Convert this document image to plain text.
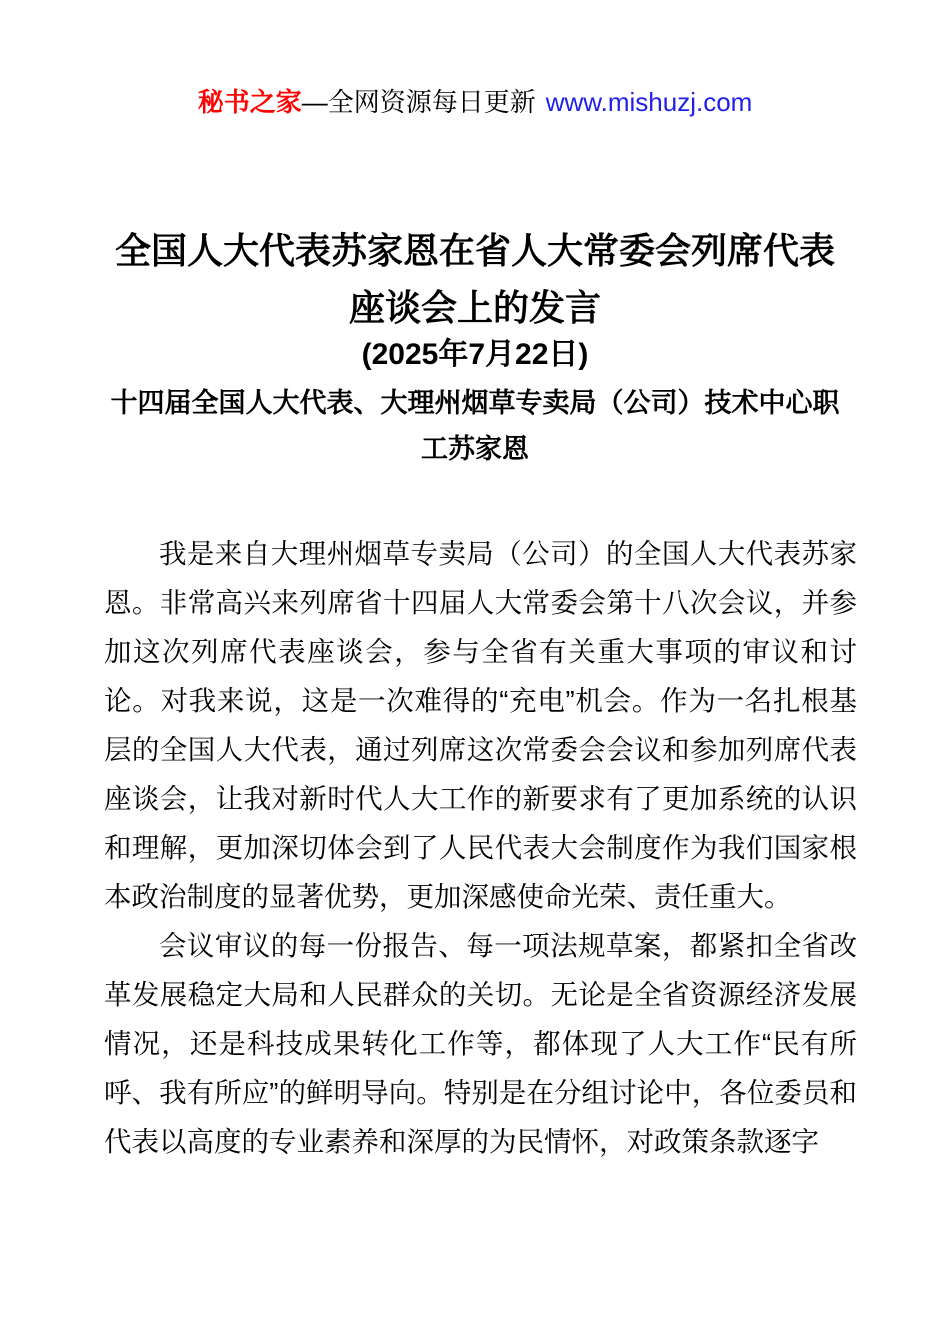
秘书之家—全网资源每日更新 www.mishuzj.com
全国人大代表苏家恩在省人大常委会列席代表座谈会上的发言
(2025年7月22日)
十四届全国人大代表、大理州烟草专卖局（公司）技术中心职工苏家恩

我是来自大理州烟草专卖局（公司）的全国人大代表苏家恩。非常高兴来列席省十四届人大常委会第十八次会议，并参加这次列席代表座谈会，参与全省有关重大事项的审议和讨论。对我来说，这是一次难得的“充电”机会。作为一名扎根基层的全国人大代表，通过列席这次常委会会议和参加列席代表座谈会，让我对新时代人大工作的新要求有了更加系统的认识和理解，更加深切体会到了人民代表大会制度作为我们国家根本政治制度的显著优势，更加深感使命光荣、责任重大。

会议审议的每一份报告、每一项法规草案，都紧扣全省改革发展稳定大局和人民群众的关切。无论是全省资源经济发展情况，还是科技成果转化工作等，都体现了人大工作“民有所呼、我有所应”的鲜明导向。特别是在分组讨论中，各位委员和代表以高度的专业素养和深厚的为民情怀，对政策条款逐字
